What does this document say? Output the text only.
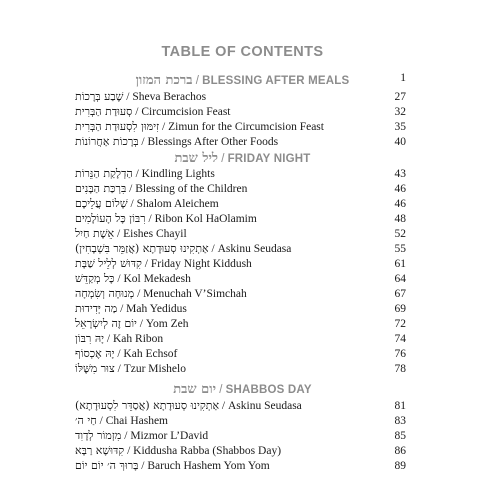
TABLE OF CONTENTS
ברכת המזון / BLESSING AFTER MEALS	1
שֶׁבַע בְּרָכוֹת / Sheva Berachos	27
סְעוּדַת הַבְּרִית / Circumcision Feast	32
זִימּוּן לִסְעוּדַת הַבְּרִית / Zimun for the Circumcision Feast	35
בְּרָכוֹת אַחֲרוֹנוֹת / Blessings After Other Foods	40
ליל שבת / FRIDAY NIGHT
הַדְלָקַת הַנֵּרוֹת / Kindling Lights	43
בִּרְכַּת הַבָּנִים / Blessing of the Children	46
שָׁלוֹם עֲלֵיכֶם / Shalom Aleichem	46
רִבּוֹן כָּל הָעוֹלָמִים / Ribon Kol HaOlamim	48
אֵשֶׁת חַיִל / Eishes Chayil	52
(אַתְקִינוּ סְעוּדָתָא (אֲזַמֵּר בִּשְׁבָחִין / Askinu Seudasa	55
קִדּוּשׁ לְלֵיל שַׁבָּת / Friday Night Kiddush	61
כָּל מְקַדֵּשׁ / Kol Mekadesh	64
מְנוּחָה וְשִׂמְחָה / Menuchah V’Simchah	67
מַה יְּדִידוּת / Mah Yedidus	69
יוֹם זֶה לְיִשְׂרָאֵל / Yom Zeh	72
יָהּ רִבּוֹן / Kah Ribon	74
יָהּ אֶכְסוֹף / Kah Echsof	76
צוּר מִשֶּׁלּוֹ / Tzur Mishelo	78
יום שבת / SHABBOS DAY
(אַתְקִינוּ סְעוּדָתָא (אֲסַדֵּר לִסְעוּדָתָא / Askinu Seudasa	81
חַי ה׳ / Chai Hashem	83
מִזְמוֹר לְדָוִד / Mizmor L’David	85
קִדּוּשָׁא רַבָּא / Kiddusha Rabba (Shabbos Day)	86
בָּרוּךְ ה׳ יוֹם יוֹם / Baruch Hashem Yom Yom	89
